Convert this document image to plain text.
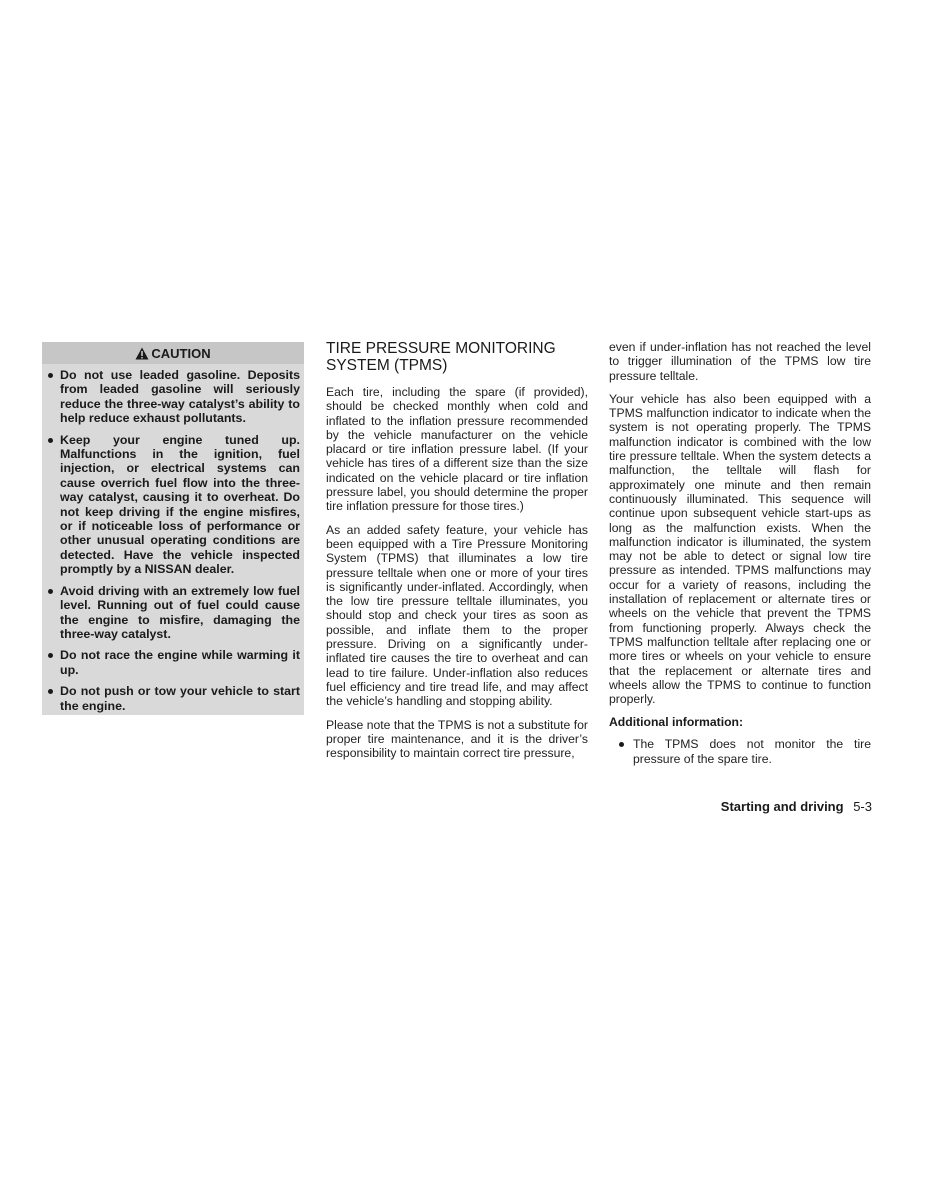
CAUTION
Do not use leaded gasoline. Deposits from leaded gasoline will seriously reduce the three-way catalyst’s ability to help reduce exhaust pollutants.
Keep your engine tuned up. Malfunctions in the ignition, fuel injection, or electrical systems can cause overrich fuel flow into the three-way catalyst, causing it to overheat. Do not keep driving if the engine misfires, or if noticeable loss of performance or other unusual operating conditions are detected. Have the vehicle inspected promptly by a NISSAN dealer.
Avoid driving with an extremely low fuel level. Running out of fuel could cause the engine to misfire, damaging the three-way catalyst.
Do not race the engine while warming it up.
Do not push or tow your vehicle to start the engine.
TIRE PRESSURE MONITORING SYSTEM (TPMS)

Each tire, including the spare (if provided), should be checked monthly when cold and inflated to the inflation pressure recommended by the vehicle manufacturer on the vehicle placard or tire inflation pressure label. (If your vehicle has tires of a different size than the size indicated on the vehicle placard or tire inflation pressure label, you should determine the proper tire inflation pressure for those tires.)

As an added safety feature, your vehicle has been equipped with a Tire Pressure Monitoring System (TPMS) that illuminates a low tire pressure telltale when one or more of your tires is significantly under-inflated. Accordingly, when the low tire pressure telltale illuminates, you should stop and check your tires as soon as possible, and inflate them to the proper pressure. Driving on a significantly under-inflated tire causes the tire to overheat and can lead to tire failure. Under-inflation also reduces fuel efficiency and tire tread life, and may affect the vehicle’s handling and stopping ability.

Please note that the TPMS is not a substitute for proper tire maintenance, and it is the driver’s responsibility to maintain correct tire pressure,

even if under-inflation has not reached the level to trigger illumination of the TPMS low tire pressure telltale.

Your vehicle has also been equipped with a TPMS malfunction indicator to indicate when the system is not operating properly. The TPMS malfunction indicator is combined with the low tire pressure telltale. When the system detects a malfunction, the telltale will flash for approximately one minute and then remain continuously illuminated. This sequence will continue upon subsequent vehicle start-ups as long as the malfunction exists. When the malfunction indicator is illuminated, the system may not be able to detect or signal low tire pressure as intended. TPMS malfunctions may occur for a variety of reasons, including the installation of replacement or alternate tires or wheels on the vehicle that prevent the TPMS from functioning properly. Always check the TPMS malfunction telltale after replacing one or more tires or wheels on your vehicle to ensure that the replacement or alternate tires and wheels allow the TPMS to continue to function properly.

Additional information:

The TPMS does not monitor the tire pressure of the spare tire.
Starting and driving 5-3
